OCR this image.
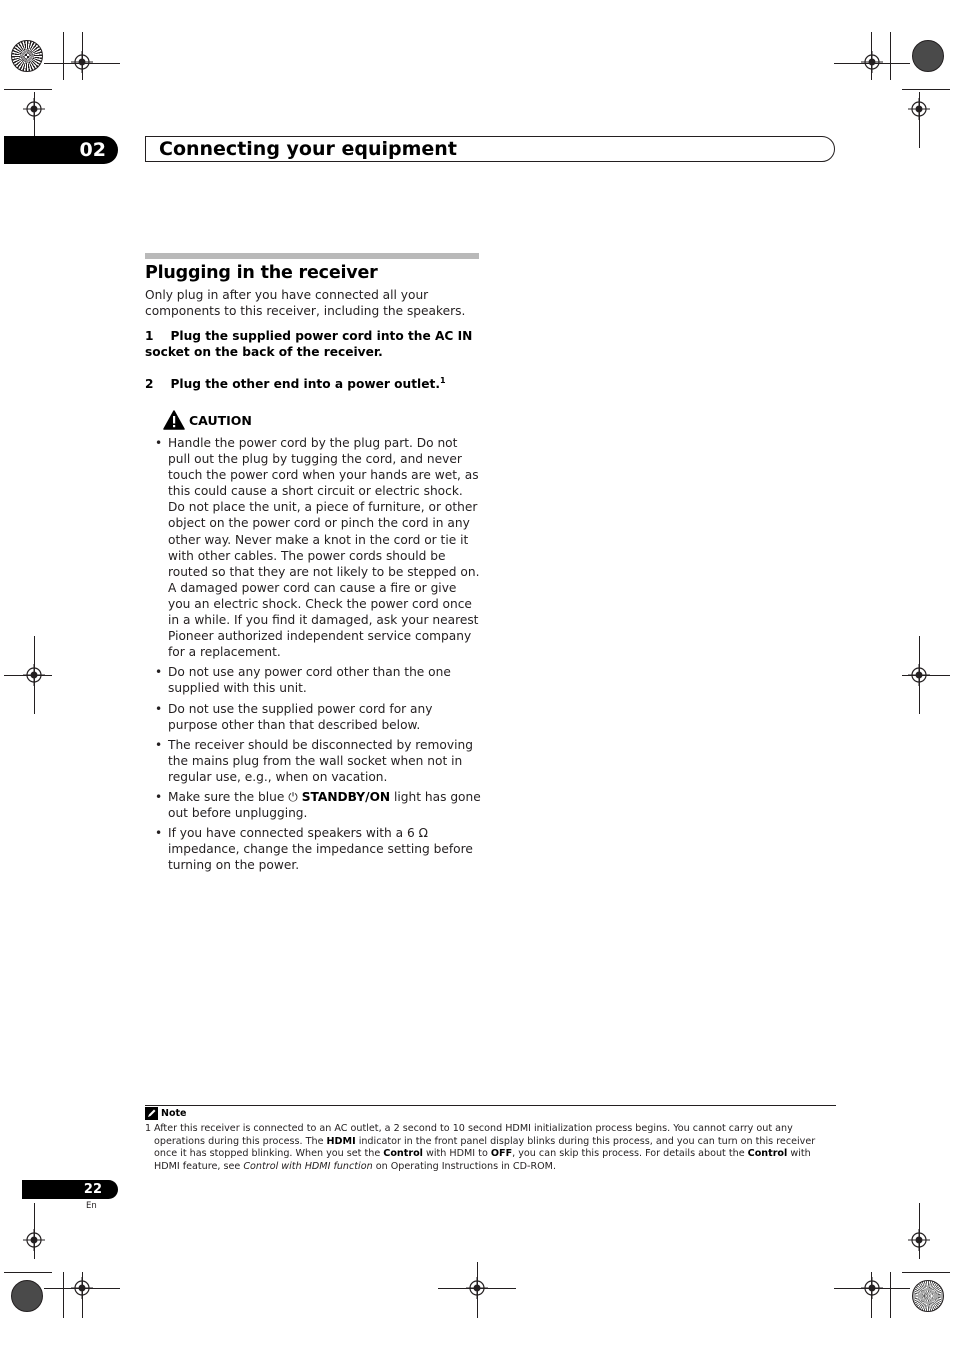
02	Connecting your equipment
Plugging in the receiver
Only plug in after you have connected all your components to this receiver, including the speakers.
1 Plug the supplied power cord into the AC IN socket on the back of the receiver.
2 Plug the other end into a power outlet.$^1$
CAUTION
• Handle the power cord by the plug part. Do not pull out the plug by tugging the cord, and never touch the power cord when your hands are wet, as this could cause a short circuit or electric shock. Do not place the unit, a piece of furniture, or other object on the power cord or pinch the cord in any other way. Never make a knot in the cord or tie it with other cables. The power cords should be routed so that they are not likely to be stepped on. A damaged power cord can cause a fire or give you an electric shock. Check the power cord once in a while. If you find it damaged, ask your nearest Pioneer authorized independent service company for a replacement.
• Do not use any power cord other than the one supplied with this unit.
• Do not use the supplied power cord for any purpose other than that described below.
• The receiver should be disconnected by removing the mains plug from the wall socket when not in regular use, e.g., when on vacation.
• Make sure the blue ⏻ STANDBY/ON light has gone out before unplugging.
• If you have connected speakers with a 6 Ω impedance, change the impedance setting before turning on the power.
Note
1 After this receiver is connected to an AC outlet, a 2 second to 10 second HDMI initialization process begins. You cannot carry out any operations during this process. The HDMI indicator in the front panel display blinks during this process, and you can turn on this receiver once it has stopped blinking. When you set the Control with HDMI to OFF, you can skip this process. For details about the Control with HDMI feature, see Control with HDMI function on Operating Instructions in CD-ROM.
22
En
